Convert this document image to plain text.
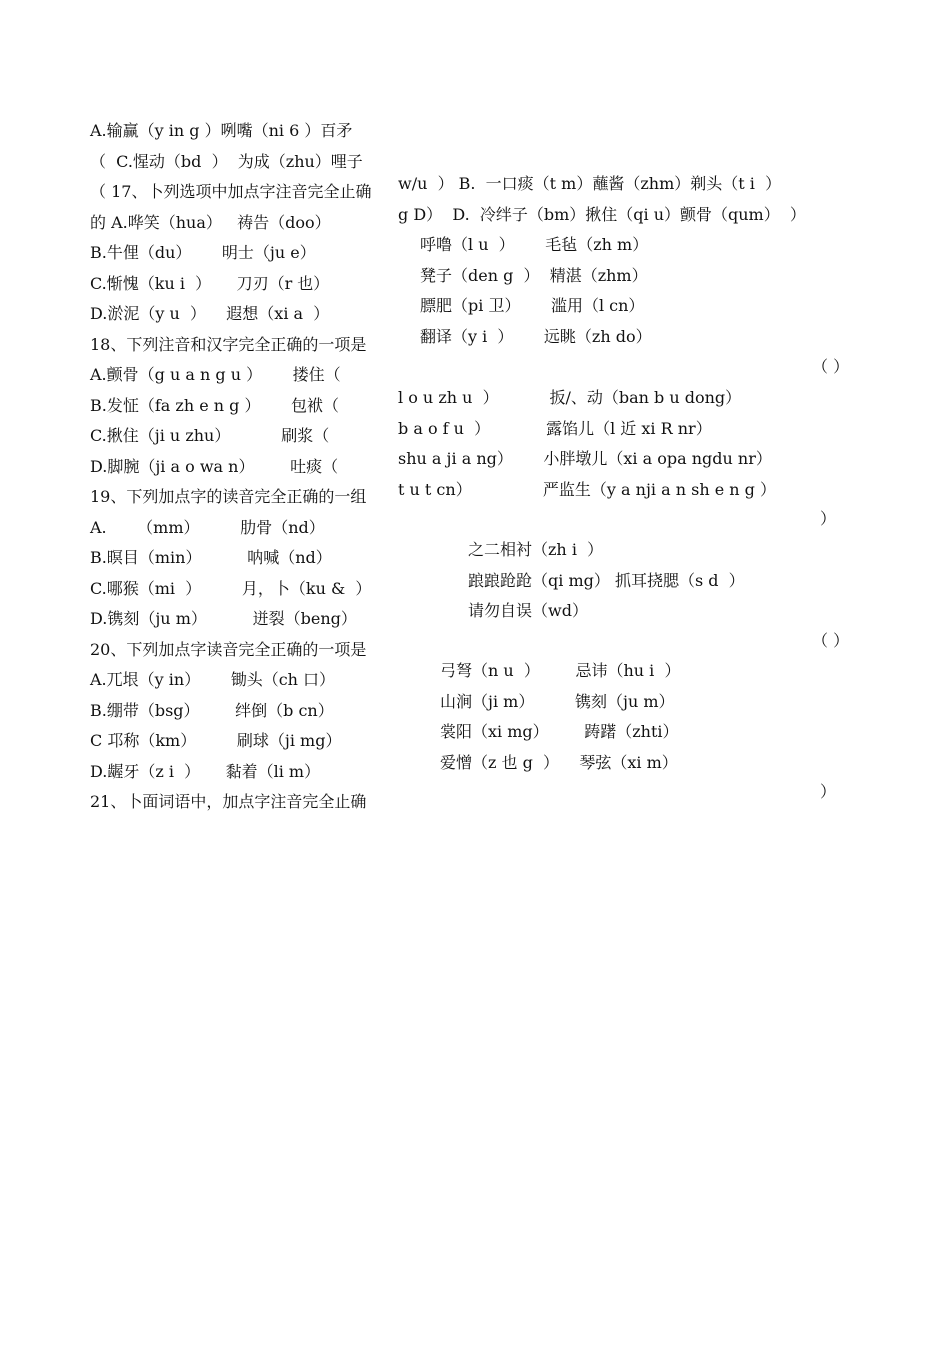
A.输赢（y in g ）咧嘴（ni 6 ）百矛
（  C.惺动（bd  ）  为成（zhu）哩子
（ 17、卜列选项中加点字注音完全止确
的 A.哗笑（hua）   祷告（doo）
B.牛俚（du）      明士（ju e）
C.惭愧（ku i  ）     刀刃（r 也）
D.淤泥（y u  ）    遐想（xi a  ）
18、下列注音和汉字完全正确的一项是
A.颤骨（g u a n g u ）      搂住（
B.发怔（fa zh e n g ）      包袱（
C.揪住（ji u zhu）          刷浆（
D.脚腕（ji a o wa n）       吐痰（
19、下列加点字的读音完全正确的一组
A.      （mm）        肋骨（nd）
B.暝目（min）         呐喊（nd）
C.哪猴（mi  ）        月，卜（ku &  ）
D.镌刻（ju m）         迸裂（beng）
20、下列加点字读音完全正确的一项是
A.兀垠（y in）      锄头（ch 口）
B.绷带（bsg）       绊倒（b cn）
C 邛称（km）        刷球（ji mg）
D.龌牙（z i  ）     黏着（li m）
21、卜面词语中，加点字注音完全止确
w/u  ） B.  一口痰（t m）蘸酱（zhm）剃头（t i  ）
g D）  D.  冷绊子（bm）揪住（qi u）颤骨（qum）  ）
呼噜（l u  ）      毛毡（zh m）
凳子（den g  ）  精湛（zhm）
膘肥（pi 卫）      滥用（l cn）
翻译（y i  ）      远眺（zh do）
（ ）
l o u zh u  ）          扳/、动（ban b u dong）
b a o f u  ）           露馅儿（l 近 xi R nr）
shu a ji a ng）      小胖墩儿（xi a opa ngdu nr）
t u t cn）              严监生（y a nji a n sh e n g ）
）
之二相衬（zh i  ）
踉踉跄跄（qi mg） 抓耳挠腮（s d  ）
请勿自误（wd）
（ ）
弓弩（n u  ）       忌讳（hu i  ）
山涧（ji m）        镌刻（ju m）
裳阳（xi mg）       踌躇（zhti）
爱憎（z 也 g  ）    琴弦（xi m）
）
